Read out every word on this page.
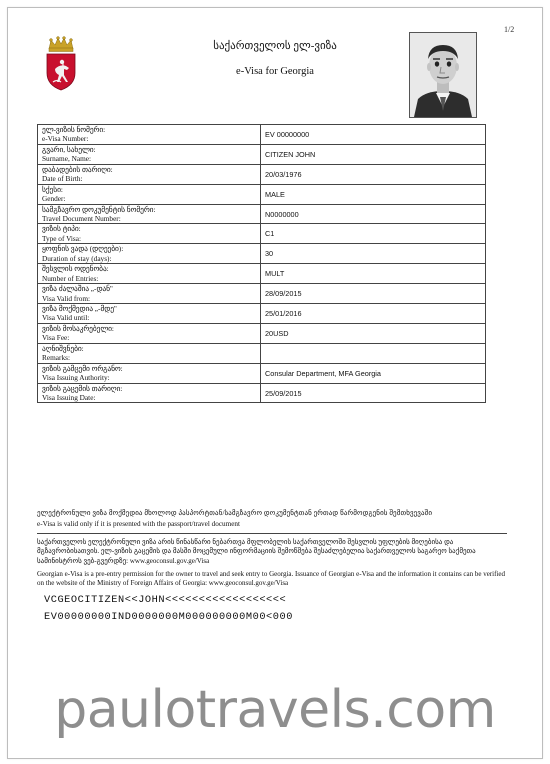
1/2
საქართველოს ელ-ვიზა
e-Visa for Georgia
ელ-ვიზის ნომერი:
e-Visa Number:	EV 00000000

გვარი, სახელი:
Surname, Name:	CITIZEN JOHN

დაბადების თარიღი:
Date of Birth:	20/03/1976

სქესი:
Gender:	MALE

სამგზავრო დოკუმენტის ნომერი:
Travel Document Number:	N0000000

ვიზის ტიპი:
Type of Visa:	C1

ყოფნის ვადა (დღეები):
Duration of stay (days):	30

შესვლის ოდენობა:
Number of Entries:	MULT

ვიზა ძალაშია „-დან"
Visa Valid from:	28/09/2015

ვიზა მოქმედია „-მდე"
Visa Valid until:	25/01/2016

ვიზის მოსაკრებელი:
Visa Fee:	20USD

აღნიშვნები:
Remarks:	

ვიზის გამცემი ორგანო:
Visa Issuing Authority:	Consular Department, MFA Georgia

ვიზის გაცემის თარიღი:
Visa Issuing Date:	25/09/2015
ელექტრონული ვიზა მოქმედია მხოლოდ პასპორტთან/სამგზავრო დოკუმენტთან ერთად წარმოდგენის შემთხვევაში
e-Visa is valid only if it is presented with the passport/travel document
საქართველოს ელექტრონული ვიზა არის წინასწარი ნებართვა მფლობელის საქართველოში შესვლის უფლების მიღებისა და მგზავრობისათვის. ელ-ვიზის გაცემის და მასში მოცემული ინფორმაციის შემოწმება შესაძლებელია საქართველოს საგარეო საქმეთა სამინისტროს ვებ-გვერდზე: www.geoconsul.gov.ge/Visa
Georgian e-Visa is a pre-entry permission for the owner to travel and seek entry to Georgia. Issuance of Georgian e-Visa and the information it contains can be verified on the website of the Ministry of Foreign Affairs of Georgia: www.geoconsul.gov.ge/Visa
VCGEOCITIZEN<<JOHN<<<<<<<<<<<<<<<<<<
EV00000000IND0000000M000000000M00<000
paulotravels.com
